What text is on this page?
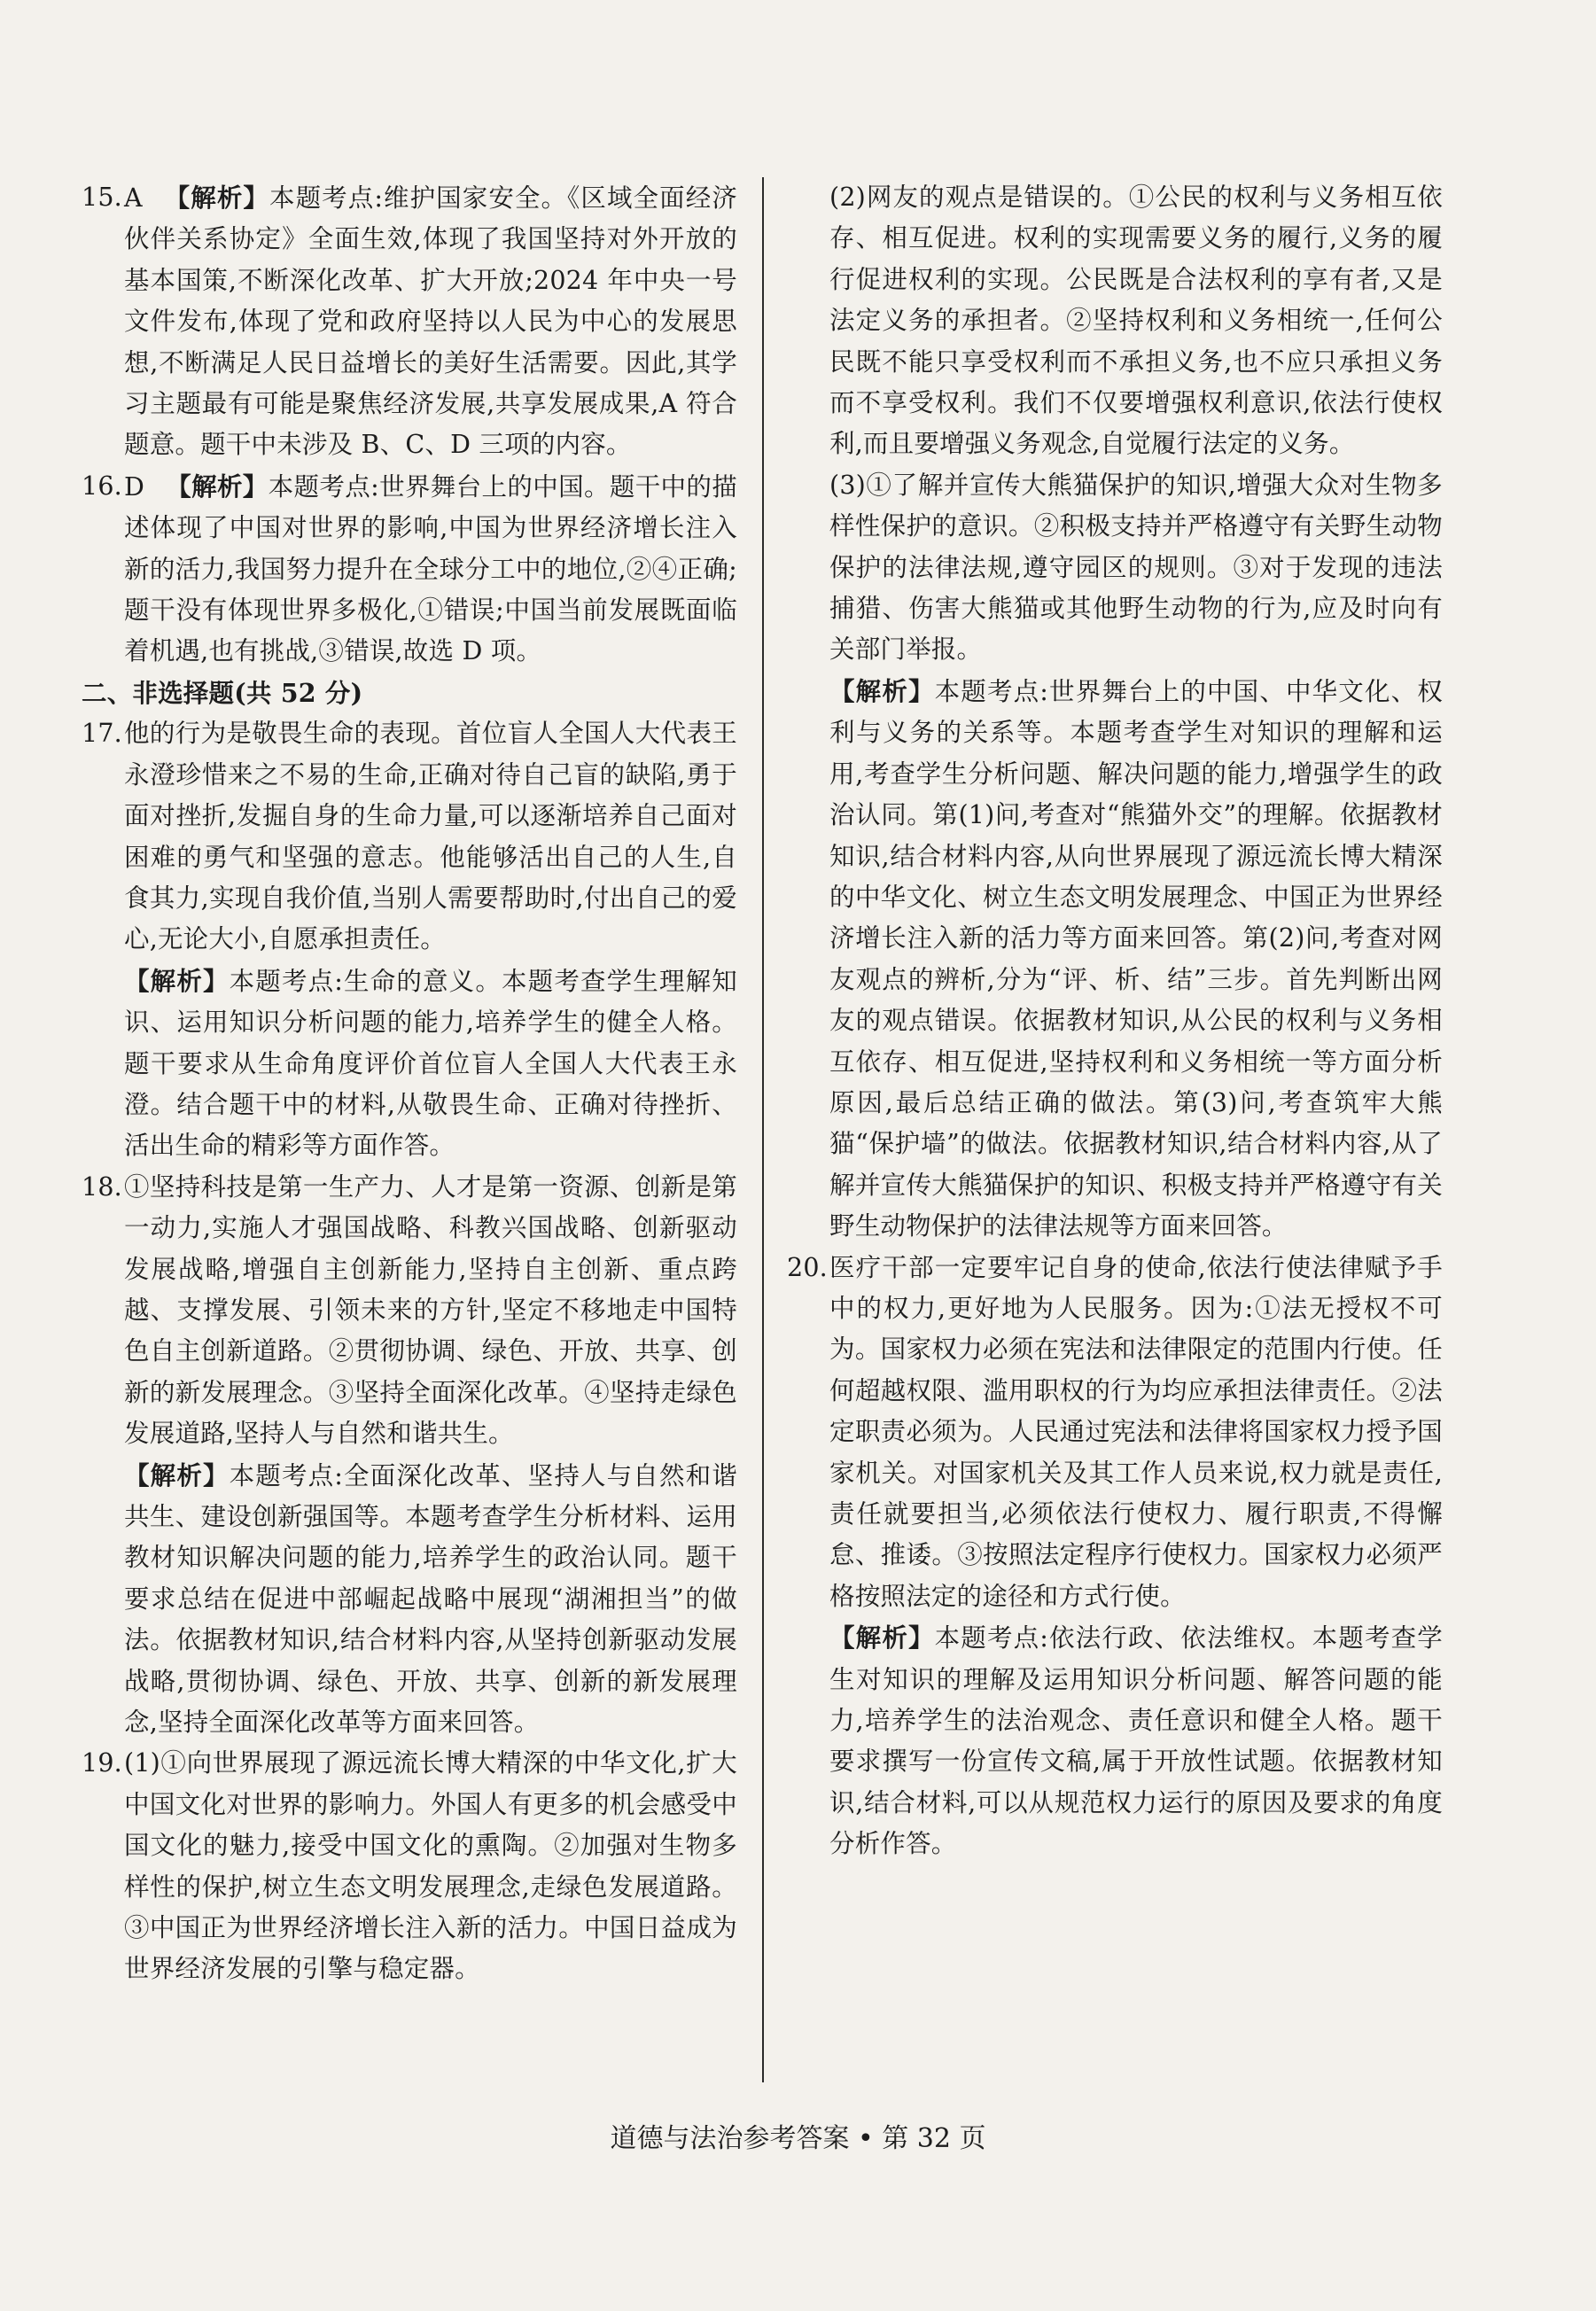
15. A 【解析】本题考点:维护国家安全。《区域全面经济伙伴关系协定》全面生效,体现了我国坚持对外开放的基本国策,不断深化改革、扩大开放;2024 年中央一号文件发布,体现了党和政府坚持以人民为中心的发展思想,不断满足人民日益增长的美好生活需要。因此,其学习主题最有可能是聚焦经济发展,共享发展成果,A 符合题意。题干中未涉及 B、C、D 三项的内容。

16. D 【解析】本题考点:世界舞台上的中国。题干中的描述体现了中国对世界的影响,中国为世界经济增长注入新的活力,我国努力提升在全球分工中的地位,②④正确;题干没有体现世界多极化,①错误;中国当前发展既面临着机遇,也有挑战,③错误,故选 D 项。

二、非选择题(共 52 分)

17. 他的行为是敬畏生命的表现。首位盲人全国人大代表王永澄珍惜来之不易的生命,正确对待自己盲的缺陷,勇于面对挫折,发掘自身的生命力量,可以逐渐培养自己面对困难的勇气和坚强的意志。他能够活出自己的人生,自食其力,实现自我价值,当别人需要帮助时,付出自己的爱心,无论大小,自愿承担责任。

【解析】本题考点:生命的意义。本题考查学生理解知识、运用知识分析问题的能力,培养学生的健全人格。题干要求从生命角度评价首位盲人全国人大代表王永澄。结合题干中的材料,从敬畏生命、正确对待挫折、活出生命的精彩等方面作答。

18. ①坚持科技是第一生产力、人才是第一资源、创新是第一动力,实施人才强国战略、科教兴国战略、创新驱动发展战略,增强自主创新能力,坚持自主创新、重点跨越、支撑发展、引领未来的方针,坚定不移地走中国特色自主创新道路。②贯彻协调、绿色、开放、共享、创新的新发展理念。③坚持全面深化改革。④坚持走绿色发展道路,坚持人与自然和谐共生。

【解析】本题考点:全面深化改革、坚持人与自然和谐共生、建设创新强国等。本题考查学生分析材料、运用教材知识解决问题的能力,培养学生的政治认同。题干要求总结在促进中部崛起战略中展现“湖湘担当”的做法。依据教材知识,结合材料内容,从坚持创新驱动发展战略,贯彻协调、绿色、开放、共享、创新的新发展理念,坚持全面深化改革等方面来回答。

19. (1)①向世界展现了源远流长博大精深的中华文化,扩大中国文化对世界的影响力。外国人有更多的机会感受中国文化的魅力,接受中国文化的熏陶。②加强对生物多样性的保护,树立生态文明发展理念,走绿色发展道路。③中国正为世界经济增长注入新的活力。中国日益成为世界经济发展的引擎与稳定器。

(2)网友的观点是错误的。①公民的权利与义务相互依存、相互促进。权利的实现需要义务的履行,义务的履行促进权利的实现。公民既是合法权利的享有者,又是法定义务的承担者。②坚持权利和义务相统一,任何公民既不能只享受权利而不承担义务,也不应只承担义务而不享受权利。我们不仅要增强权利意识,依法行使权利,而且要增强义务观念,自觉履行法定的义务。

(3)①了解并宣传大熊猫保护的知识,增强大众对生物多样性保护的意识。②积极支持并严格遵守有关野生动物保护的法律法规,遵守园区的规则。③对于发现的违法捕猎、伤害大熊猫或其他野生动物的行为,应及时向有关部门举报。

【解析】本题考点:世界舞台上的中国、中华文化、权利与义务的关系等。本题考查学生对知识的理解和运用,考查学生分析问题、解决问题的能力,增强学生的政治认同。第(1)问,考查对“熊猫外交”的理解。依据教材知识,结合材料内容,从向世界展现了源远流长博大精深的中华文化、树立生态文明发展理念、中国正为世界经济增长注入新的活力等方面来回答。第(2)问,考查对网友观点的辨析,分为“评、析、结”三步。首先判断出网友的观点错误。依据教材知识,从公民的权利与义务相互依存、相互促进,坚持权利和义务相统一等方面分析原因,最后总结正确的做法。第(3)问,考查筑牢大熊猫“保护墙”的做法。依据教材知识,结合材料内容,从了解并宣传大熊猫保护的知识、积极支持并严格遵守有关野生动物保护的法律法规等方面来回答。

20. 医疗干部一定要牢记自身的使命,依法行使法律赋予手中的权力,更好地为人民服务。因为:①法无授权不可为。国家权力必须在宪法和法律限定的范围内行使。任何超越权限、滥用职权的行为均应承担法律责任。②法定职责必须为。人民通过宪法和法律将国家权力授予国家机关。对国家机关及其工作人员来说,权力就是责任,责任就要担当,必须依法行使权力、履行职责,不得懈怠、推诿。③按照法定程序行使权力。国家权力必须严格按照法定的途径和方式行使。

【解析】本题考点:依法行政、依法维权。本题考查学生对知识的理解及运用知识分析问题、解答问题的能力,培养学生的法治观念、责任意识和健全人格。题干要求撰写一份宣传文稿,属于开放性试题。依据教材知识,结合材料,可以从规范权力运行的原因及要求的角度分析作答。

道德与法治参考答案 • 第 32 页
